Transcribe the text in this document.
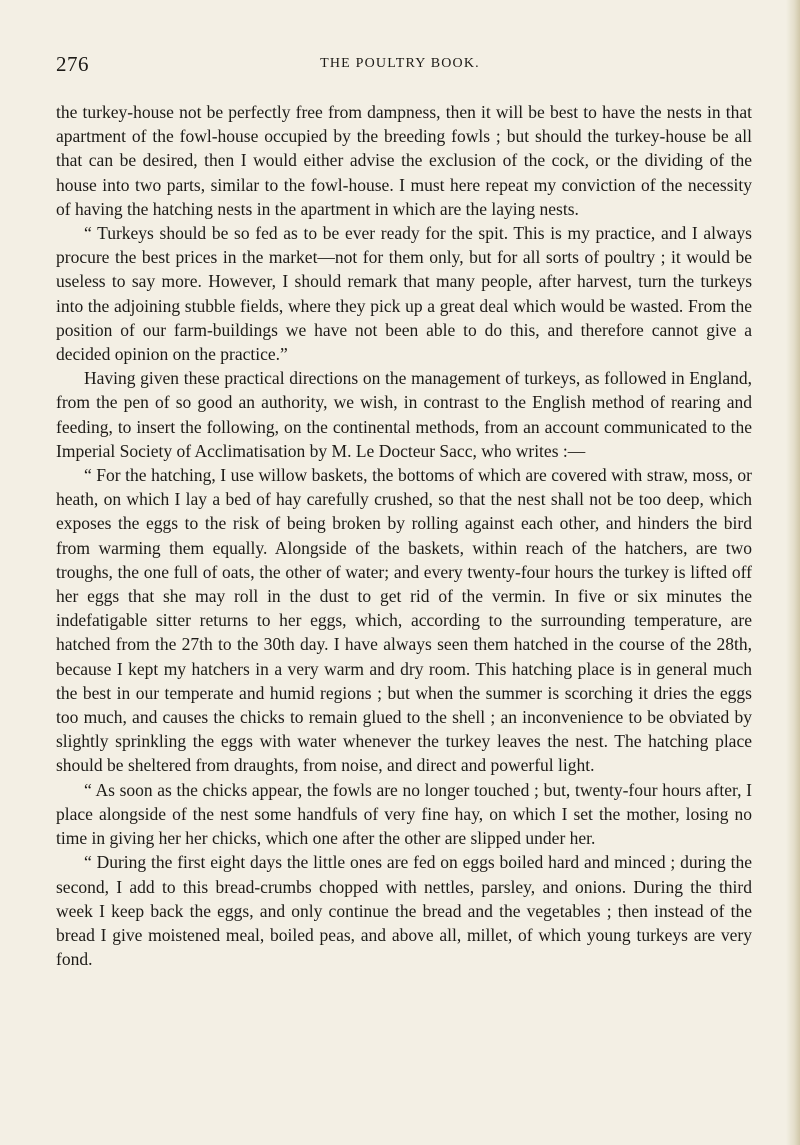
276	THE POULTRY BOOK.

the turkey-house not be perfectly free from dampness, then it will be best to have the nests in that apartment of the fowl-house occupied by the breeding fowls ; but should the turkey-house be all that can be desired, then I would either advise the exclusion of the cock, or the dividing of the house into two parts, similar to the fowl-house. I must here repeat my conviction of the necessity of having the hatching nests in the apartment in which are the laying nests.

“ Turkeys should be so fed as to be ever ready for the spit. This is my practice, and I always procure the best prices in the market—not for them only, but for all sorts of poultry ; it would be useless to say more. However, I should remark that many people, after harvest, turn the turkeys into the adjoining stubble fields, where they pick up a great deal which would be wasted. From the position of our farm-buildings we have not been able to do this, and therefore cannot give a decided opinion on the practice.”

Having given these practical directions on the management of turkeys, as followed in England, from the pen of so good an authority, we wish, in contrast to the English method of rearing and feeding, to insert the following, on the continental methods, from an account communicated to the Imperial Society of Acclimatisation by M. Le Docteur Sacc, who writes :—

“ For the hatching, I use willow baskets, the bottoms of which are covered with straw, moss, or heath, on which I lay a bed of hay carefully crushed, so that the nest shall not be too deep, which exposes the eggs to the risk of being broken by rolling against each other, and hinders the bird from warming them equally. Alongside of the baskets, within reach of the hatchers, are two troughs, the one full of oats, the other of water; and every twenty-four hours the turkey is lifted off her eggs that she may roll in the dust to get rid of the vermin. In five or six minutes the indefatigable sitter returns to her eggs, which, according to the surrounding temperature, are hatched from the 27th to the 30th day. I have always seen them hatched in the course of the 28th, because I kept my hatchers in a very warm and dry room. This hatching place is in general much the best in our temperate and humid regions ; but when the summer is scorching it dries the eggs too much, and causes the chicks to remain glued to the shell ; an inconvenience to be obviated by slightly sprinkling the eggs with water whenever the turkey leaves the nest. The hatching place should be sheltered from draughts, from noise, and direct and powerful light.

“ As soon as the chicks appear, the fowls are no longer touched ; but, twenty-four hours after, I place alongside of the nest some handfuls of very fine hay, on which I set the mother, losing no time in giving her her chicks, which one after the other are slipped under her.

“ During the first eight days the little ones are fed on eggs boiled hard and minced ; during the second, I add to this bread-crumbs chopped with nettles, parsley, and onions. During the third week I keep back the eggs, and only continue the bread and the vegetables ; then instead of the bread I give moistened meal, boiled peas, and above all, millet, of which young turkeys are very fond.
